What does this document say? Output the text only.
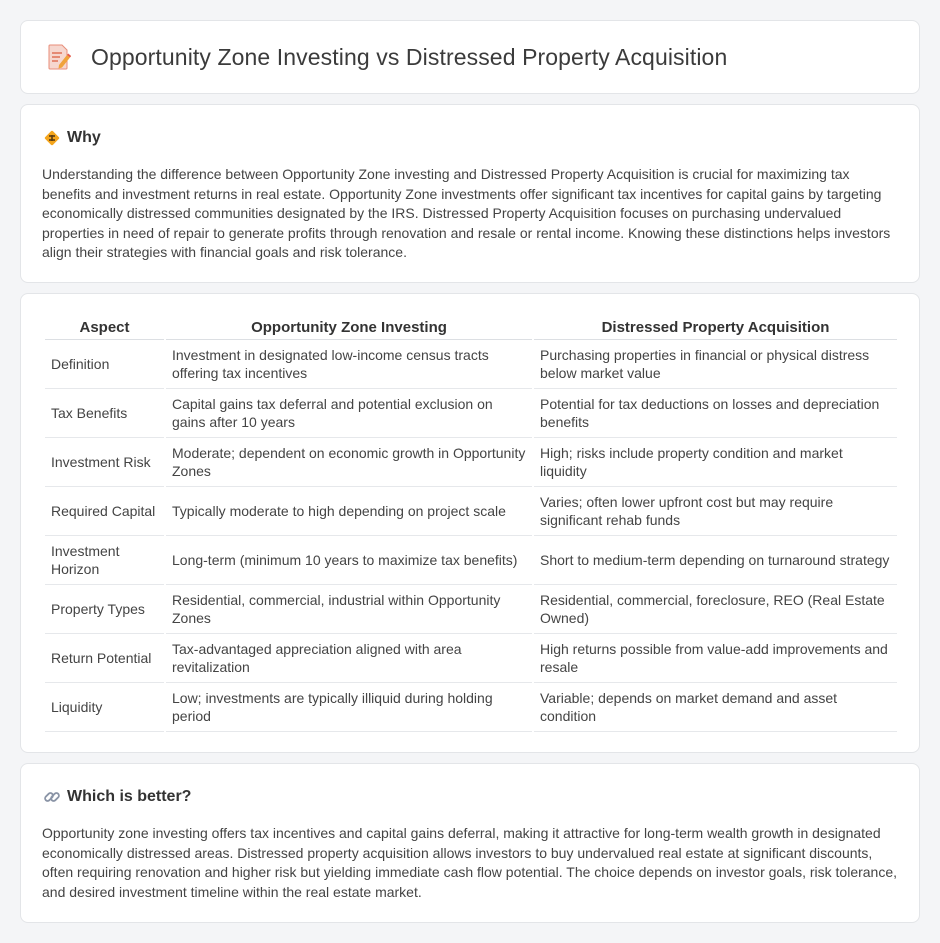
Opportunity Zone Investing vs Distressed Property Acquisition
Why

Understanding the difference between Opportunity Zone investing and Distressed Property Acquisition is crucial for maximizing tax benefits and investment returns in real estate. Opportunity Zone investments offer significant tax incentives for capital gains by targeting economically distressed communities designated by the IRS. Distressed Property Acquisition focuses on purchasing undervalued properties in need of repair to generate profits through renovation and resale or rental income. Knowing these distinctions helps investors align their strategies with financial goals and risk tolerance.

Aspect	Opportunity Zone Investing	Distressed Property Acquisition
Definition	Investment in designated low-income census tracts offering tax incentives	Purchasing properties in financial or physical distress below market value
Tax Benefits	Capital gains tax deferral and potential exclusion on gains after 10 years	Potential for tax deductions on losses and depreciation benefits
Investment Risk	Moderate; dependent on economic growth in Opportunity Zones	High; risks include property condition and market liquidity
Required Capital	Typically moderate to high depending on project scale	Varies; often lower upfront cost but may require significant rehab funds
Investment Horizon	Long-term (minimum 10 years to maximize tax benefits)	Short to medium-term depending on turnaround strategy
Property Types	Residential, commercial, industrial within Opportunity Zones	Residential, commercial, foreclosure, REO (Real Estate Owned)
Return Potential	Tax-advantaged appreciation aligned with area revitalization	High returns possible from value-add improvements and resale
Liquidity	Low; investments are typically illiquid during holding period	Variable; depends on market demand and asset condition
Which is better?

Opportunity zone investing offers tax incentives and capital gains deferral, making it attractive for long-term wealth growth in designated economically distressed areas. Distressed property acquisition allows investors to buy undervalued real estate at significant discounts, often requiring renovation and higher risk but yielding immediate cash flow potential. The choice depends on investor goals, risk tolerance, and desired investment timeline within the real estate market.
